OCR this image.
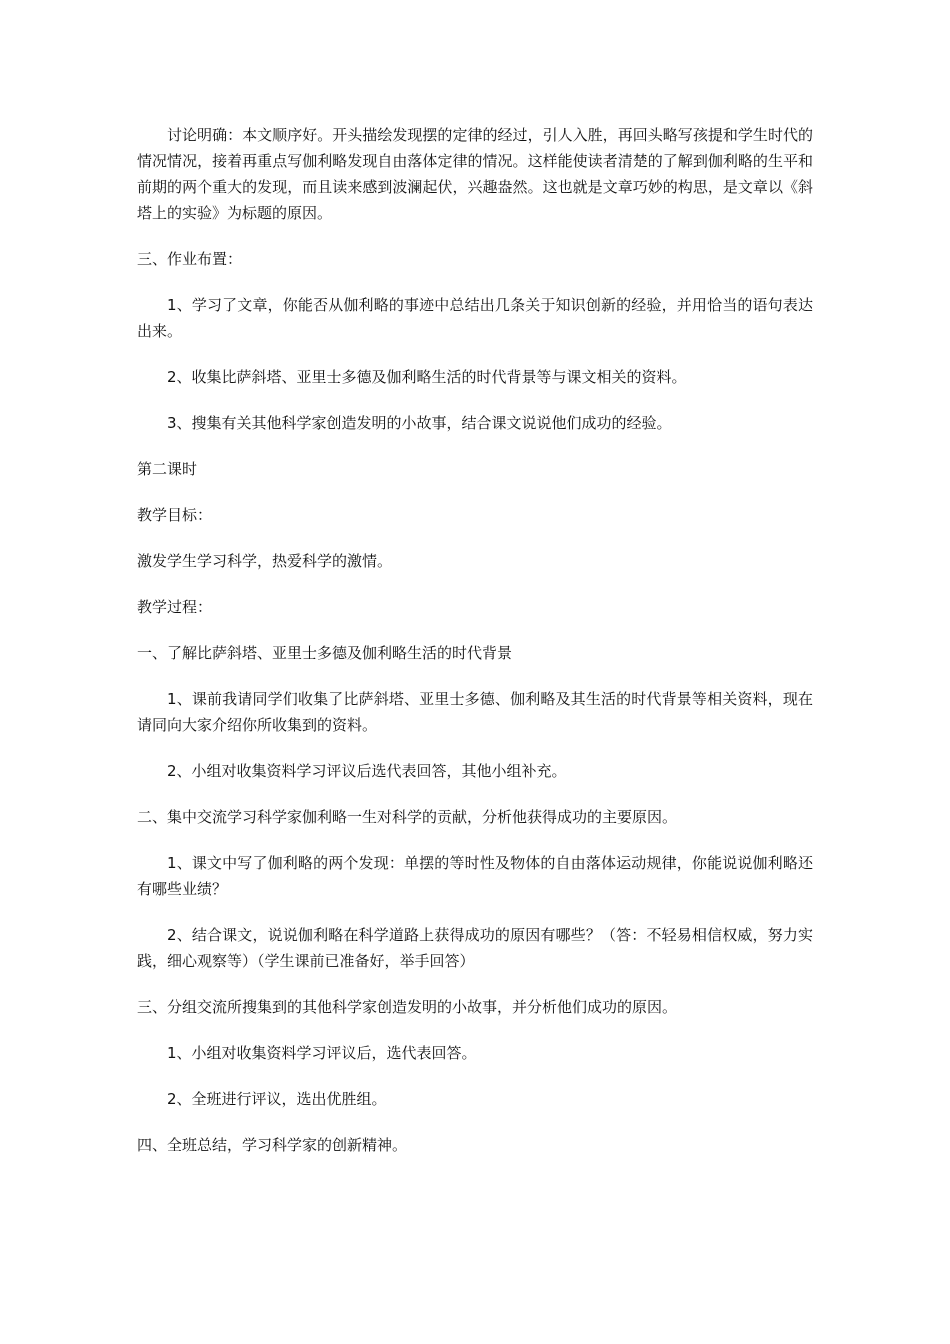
讨论明确：本文顺序好。开头描绘发现摆的定律的经过，引人入胜，再回头略写孩提和学生时代的情况情况，接着再重点写伽利略发现自由落体定律的情况。这样能使读者清楚的了解到伽利略的生平和前期的两个重大的发现，而且读来感到波澜起伏，兴趣盎然。这也就是文章巧妙的构思，是文章以《斜塔上的实验》为标题的原因。

三、作业布置：

1、学习了文章，你能否从伽利略的事迹中总结出几条关于知识创新的经验，并用恰当的语句表达出来。

2、收集比萨斜塔、亚里士多德及伽利略生活的时代背景等与课文相关的资料。

3、搜集有关其他科学家创造发明的小故事，结合课文说说他们成功的经验。

第二课时

教学目标：

激发学生学习科学，热爱科学的激情。

教学过程：

一、了解比萨斜塔、亚里士多德及伽利略生活的时代背景

1、课前我请同学们收集了比萨斜塔、亚里士多德、伽利略及其生活的时代背景等相关资料，现在请同向大家介绍你所收集到的资料。

2、小组对收集资料学习评议后选代表回答，其他小组补充。

二、集中交流学习科学家伽利略一生对科学的贡献，分析他获得成功的主要原因。

1、课文中写了伽利略的两个发现：单摆的等时性及物体的自由落体运动规律，你能说说伽利略还有哪些业绩？

2、结合课文，说说伽利略在科学道路上获得成功的原因有哪些？（答：不轻易相信权威，努力实践，细心观察等）（学生课前已准备好，举手回答）

三、分组交流所搜集到的其他科学家创造发明的小故事，并分析他们成功的原因。

1、小组对收集资料学习评议后，选代表回答。

2、全班进行评议，选出优胜组。

四、全班总结，学习科学家的创新精神。
